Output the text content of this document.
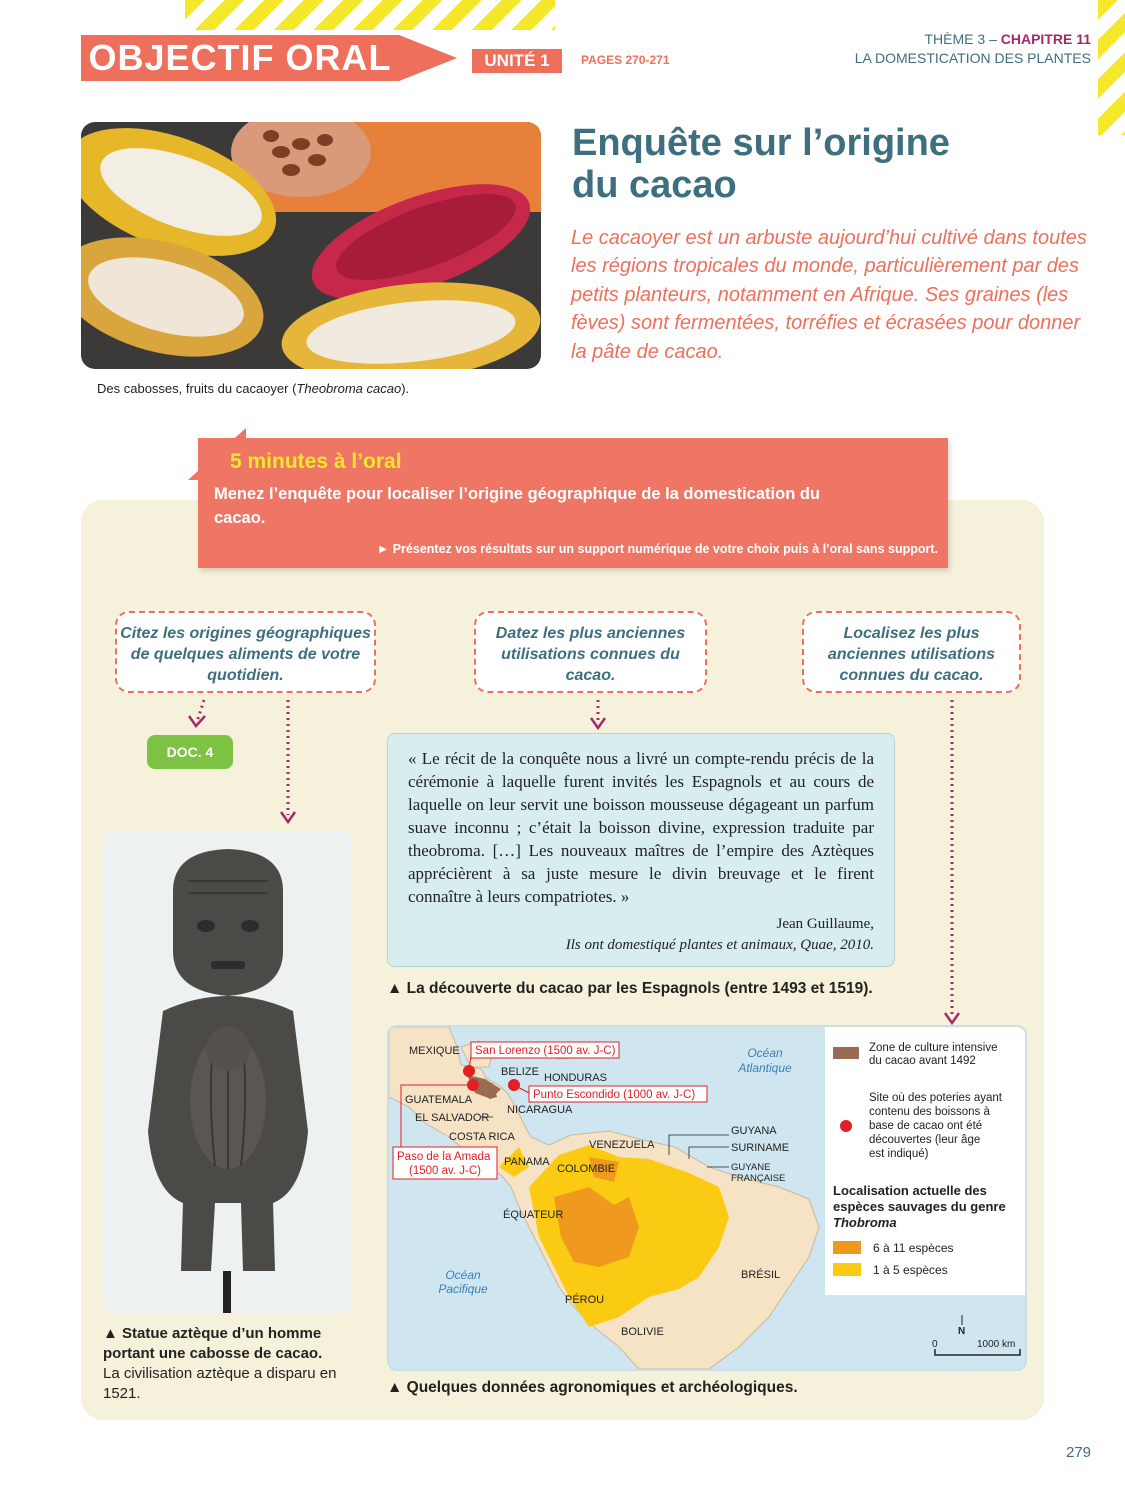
OBJECTIF ORAL	UNITÉ 1	PAGES 270-271
THÈME 3 – CHAPITRE 11
LA DOMESTICATION DES PLANTES
Des cabosses, fruits du cacaoyer (Theobroma cacao).
Enquête sur l’origine
du cacao
Le cacaoyer est un arbuste aujourd’hui cultivé dans toutes les régions tropicales du monde, particulièrement par des petits planteurs, notamment en Afrique. Ses graines (les fèves) sont fermentées, torréfies et écrasées pour donner la pâte de cacao.
5 minutes à l’oral
Menez l’enquête pour localiser l’origine géographique de la domestication du cacao.
► Présentez vos résultats sur un support numérique de votre choix puis à l’oral sans support.
Citez les origines géographiques de quelques aliments de votre quotidien.
Datez les plus anciennes utilisations connues du cacao.
Localisez les plus anciennes utilisations connues du cacao.
DOC. 4
▲ Statue aztèque d’un homme portant une cabosse de cacao.
La civilisation aztèque a disparu en 1521.
« Le récit de la conquête nous a livré un compte-rendu précis de la cérémonie à laquelle furent invités les Espagnols et au cours de laquelle on leur servit une boisson mousseuse dégageant un parfum suave inconnu ; c’était la boisson divine, expression traduite par theobroma. […] Les nouveaux maîtres de l’empire des Aztèques apprécièrent à sa juste mesure le divin breuvage et le firent connaître à leurs compatriotes. »
Jean Guillaume,
Ils ont domestiqué plantes et animaux, Quae, 2010.
▲ La découverte du cacao par les Espagnols (entre 1493 et 1519).
San Lorenzo (1500 av. J-C)
Punto Escondido (1000 av. J-C)
Paso de la Amada
(1500 av. J-C)
MEXIQUE
BELIZE HONDURAS
GUATEMALA
EL SALVADOR
NICARAGUA
COSTA RICA
PANAMA
VENEZUELA
COLOMBIE
GUYANA
SURINAME
GUYANE
FRANÇAISE
ÉQUATEUR
PÉROU
BRÉSIL
BOLIVIE
Océan
Atlantique
Océan
Pacifique
Zone de culture intensive
du cacao avant 1492
Site où des poteries ayant
contenu des boissons à
base de cacao ont été
découvertes (leur âge
est indiqué)
Localisation actuelle des
espèces sauvages du genre
Thobroma
6 à 11 espèces
1 à 5 espèces
N
0	1000 km
▲ Quelques données agronomiques et archéologiques.
279
